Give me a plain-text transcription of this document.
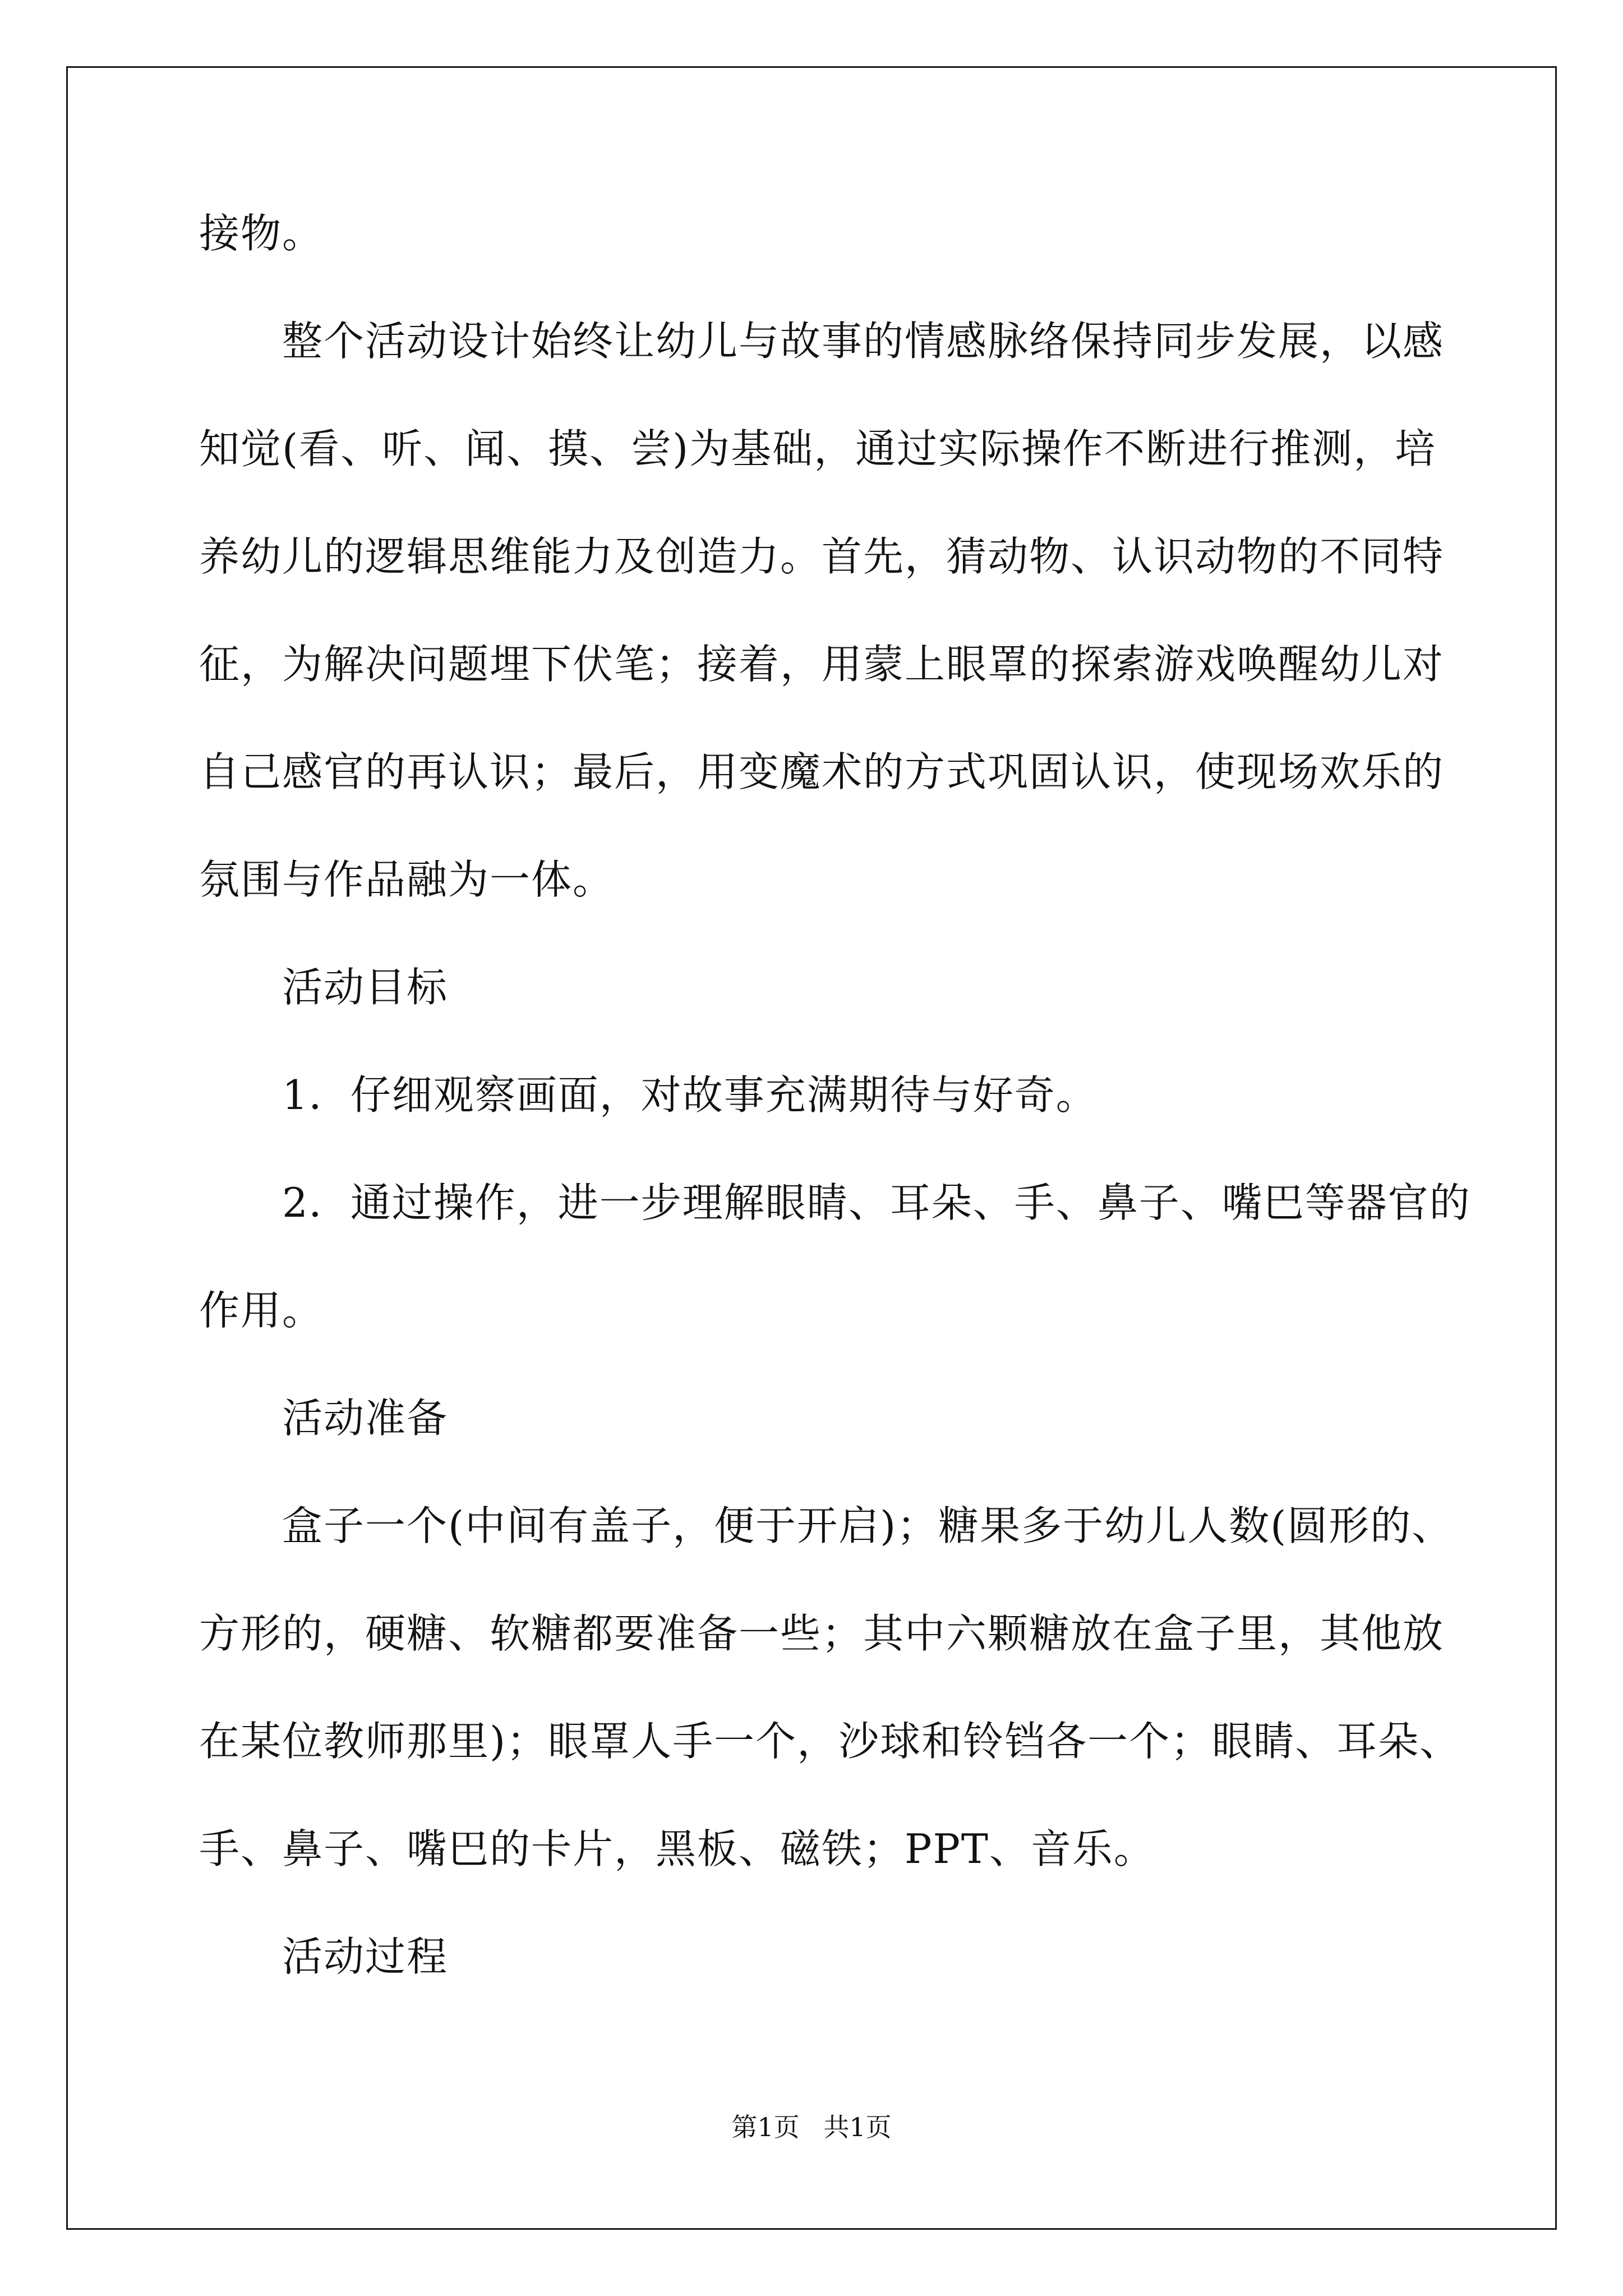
接物。
整个活动设计始终让幼儿与故事的情感脉络保持同步发展，以感
知觉(看、听、闻、摸、尝)为基础，通过实际操作不断进行推测，培
养幼儿的逻辑思维能力及创造力。首先，猜动物、认识动物的不同特
征，为解决问题埋下伏笔；接着，用蒙上眼罩的探索游戏唤醒幼儿对
自己感官的再认识；最后，用变魔术的方式巩固认识，使现场欢乐的
氛围与作品融为一体。
活动目标
1．仔细观察画面，对故事充满期待与好奇。
2．通过操作，进一步理解眼睛、耳朵、手、鼻子、嘴巴等器官的
作用。
活动准备
盒子一个(中间有盖子，便于开启)；糖果多于幼儿人数(圆形的、
方形的，硬糖、软糖都要准备一些；其中六颗糖放在盒子里，其他放
在某位教师那里)；眼罩人手一个，沙球和铃铛各一个；眼睛、耳朵、
手、鼻子、嘴巴的卡片，黑板、磁铁；PPT、音乐。
活动过程
第1页 共1页
